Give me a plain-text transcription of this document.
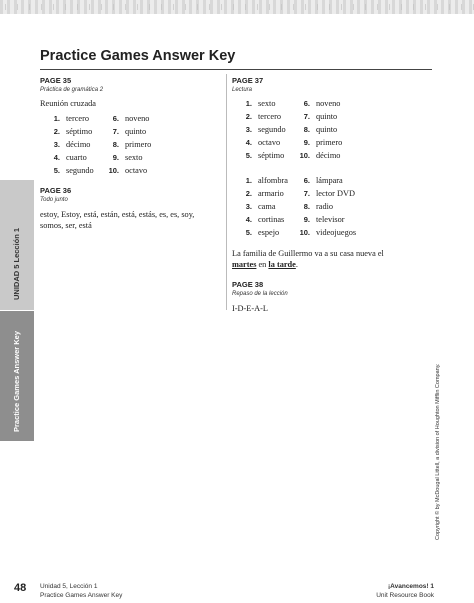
Practice Games Answer Key
UNIDAD 5 Lección 1
Practice Games Answer Key
PAGE 35
Práctica de gramática 2
Reunión cruzada
1. tercero
2. séptimo
3. décimo
4. cuarto
5. segundo
6. noveno
7. quinto
8. primero
9. sexto
10. octavo
PAGE 36
Todo junto
estoy, Estoy, está, están, está, estás, es, es, soy,
somos, ser, está
PAGE 37
Lectura
1. sexto
2. tercero
3. segundo
4. octavo
5. séptimo
6. noveno
7. quinto
8. quinto
9. primero
10. décimo
1. alfombra
2. armario
3. cama
4. cortinas
5. espejo
6. lámpara
7. lector DVD
8. radio
9. televisor
10. videojuegos
La familia de Guillermo va a su casa nueva el
martes en la tarde.
PAGE 38
Repaso de la lección
I-D-E-A-L
Copyright © by McDougal Littell, a division of Houghton Mifflin Company.
48 Unidad 5, Lección 1
Practice Games Answer Key
¡Avancemos! 1
Unit Resource Book
